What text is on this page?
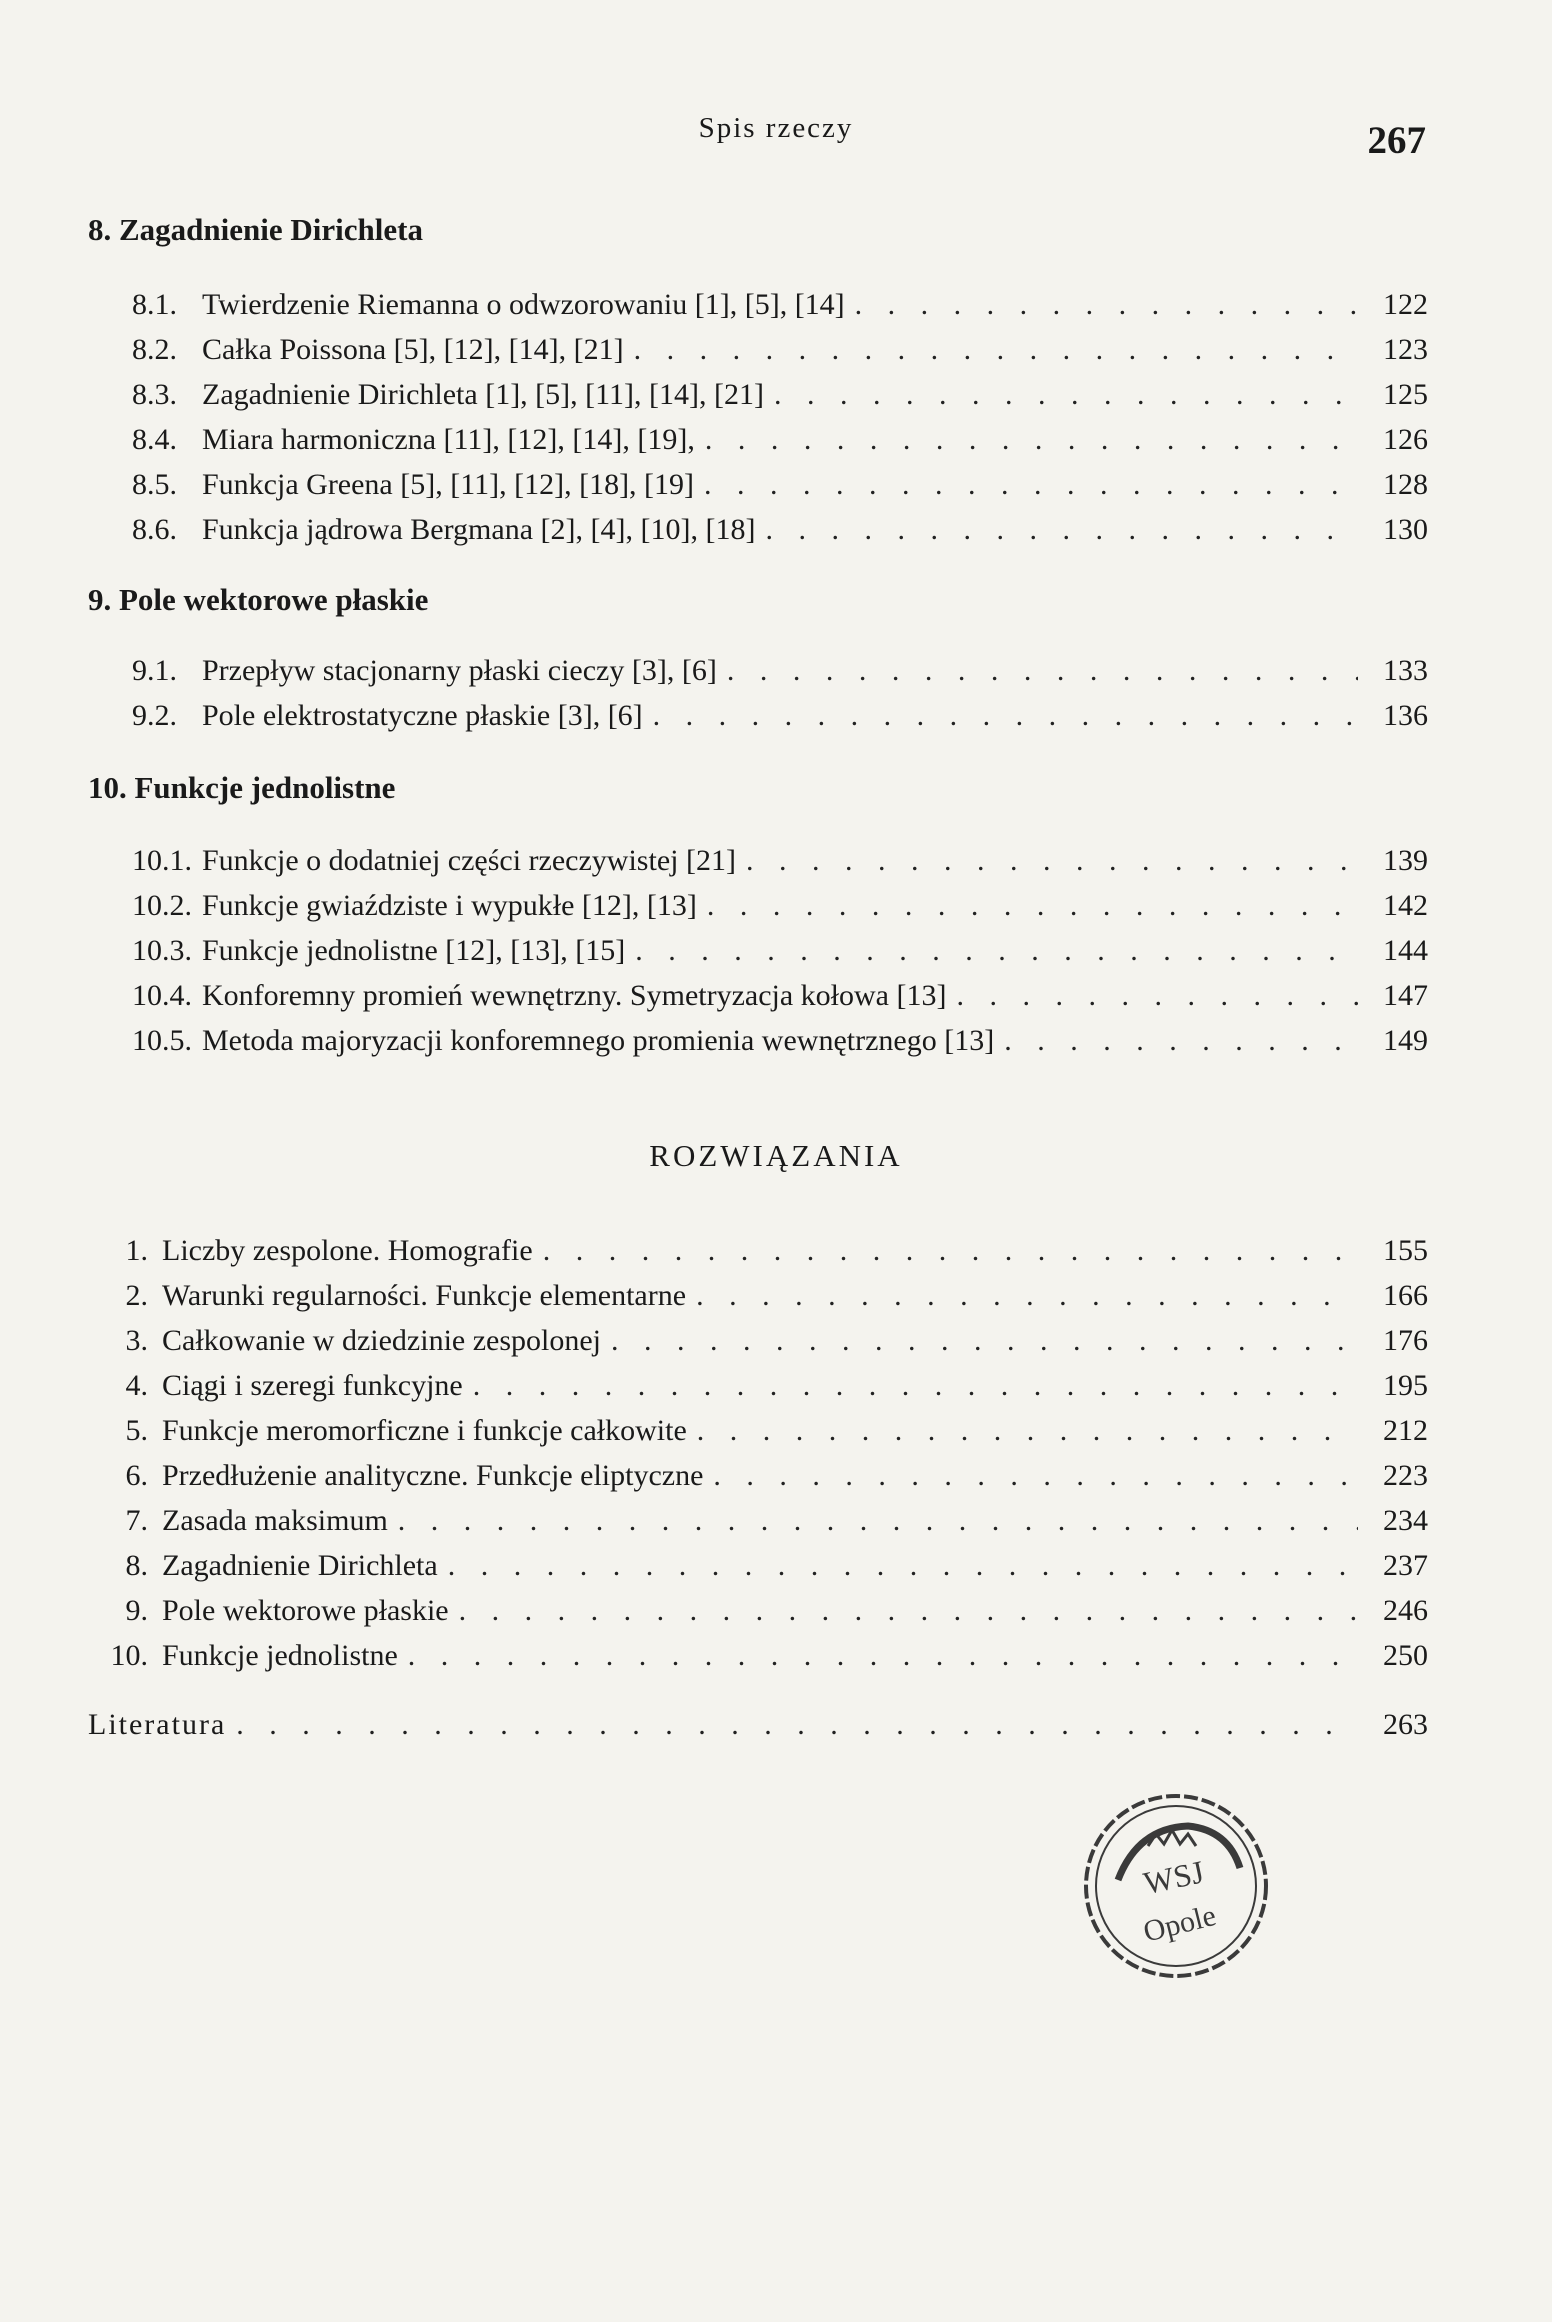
Spis rzeczy	267
8. Zagadnienie Dirichleta
8.1. Twierdzenie Riemanna o odwzorowaniu [1], [5], [14] . . .	122
8.2. Całka Poissona [5], [12], [14], [21] . . .	123
8.3. Zagadnienie Dirichleta [1], [5], [11], [14], [21] . . .	125
8.4. Miara harmoniczna [11], [12], [14], [19], . . .	126
8.5. Funkcja Greena [5], [11], [12], [18], [19] . . .	128
8.6. Funkcja jądrowa Bergmana [2], [4], [10], [18] . . .	130
9. Pole wektorowe płaskie
9.1. Przepływ stacjonarny płaski cieczy [3], [6] . . .	133
9.2. Pole elektrostatyczne płaskie [3], [6] . . .	136
10. Funkcje jednolistne
10.1. Funkcje o dodatniej części rzeczywistej [21] . . .	139
10.2. Funkcje gwiaździste i wypukłe [12], [13] . . .	142
10.3. Funkcje jednolistne [12], [13], [15] . . .	144
10.4. Konforemny promień wewnętrzny. Symetryzacja kołowa [13] . . .	147
10.5. Metoda majoryzacji konforemnego promienia wewnętrznego [13] . . .	149
ROZWIĄZANIA
1. Liczby zespolone. Homografie . . .	155
2. Warunki regularności. Funkcje elementarne . . .	166
3. Całkowanie w dziedzinie zespolonej . . .	176
4. Ciągi i szeregi funkcyjne . . .	195
5. Funkcje meromorficzne i funkcje całkowite . . .	212
6. Przedłużenie analityczne. Funkcje eliptyczne . . .	223
7. Zasada maksimum . . .	234
8. Zagadnienie Dirichleta . . .	237
9. Pole wektorowe płaskie . . .	246
10. Funkcje jednolistne . . .	250
Literatura . . .	263
WSJ
Opole
